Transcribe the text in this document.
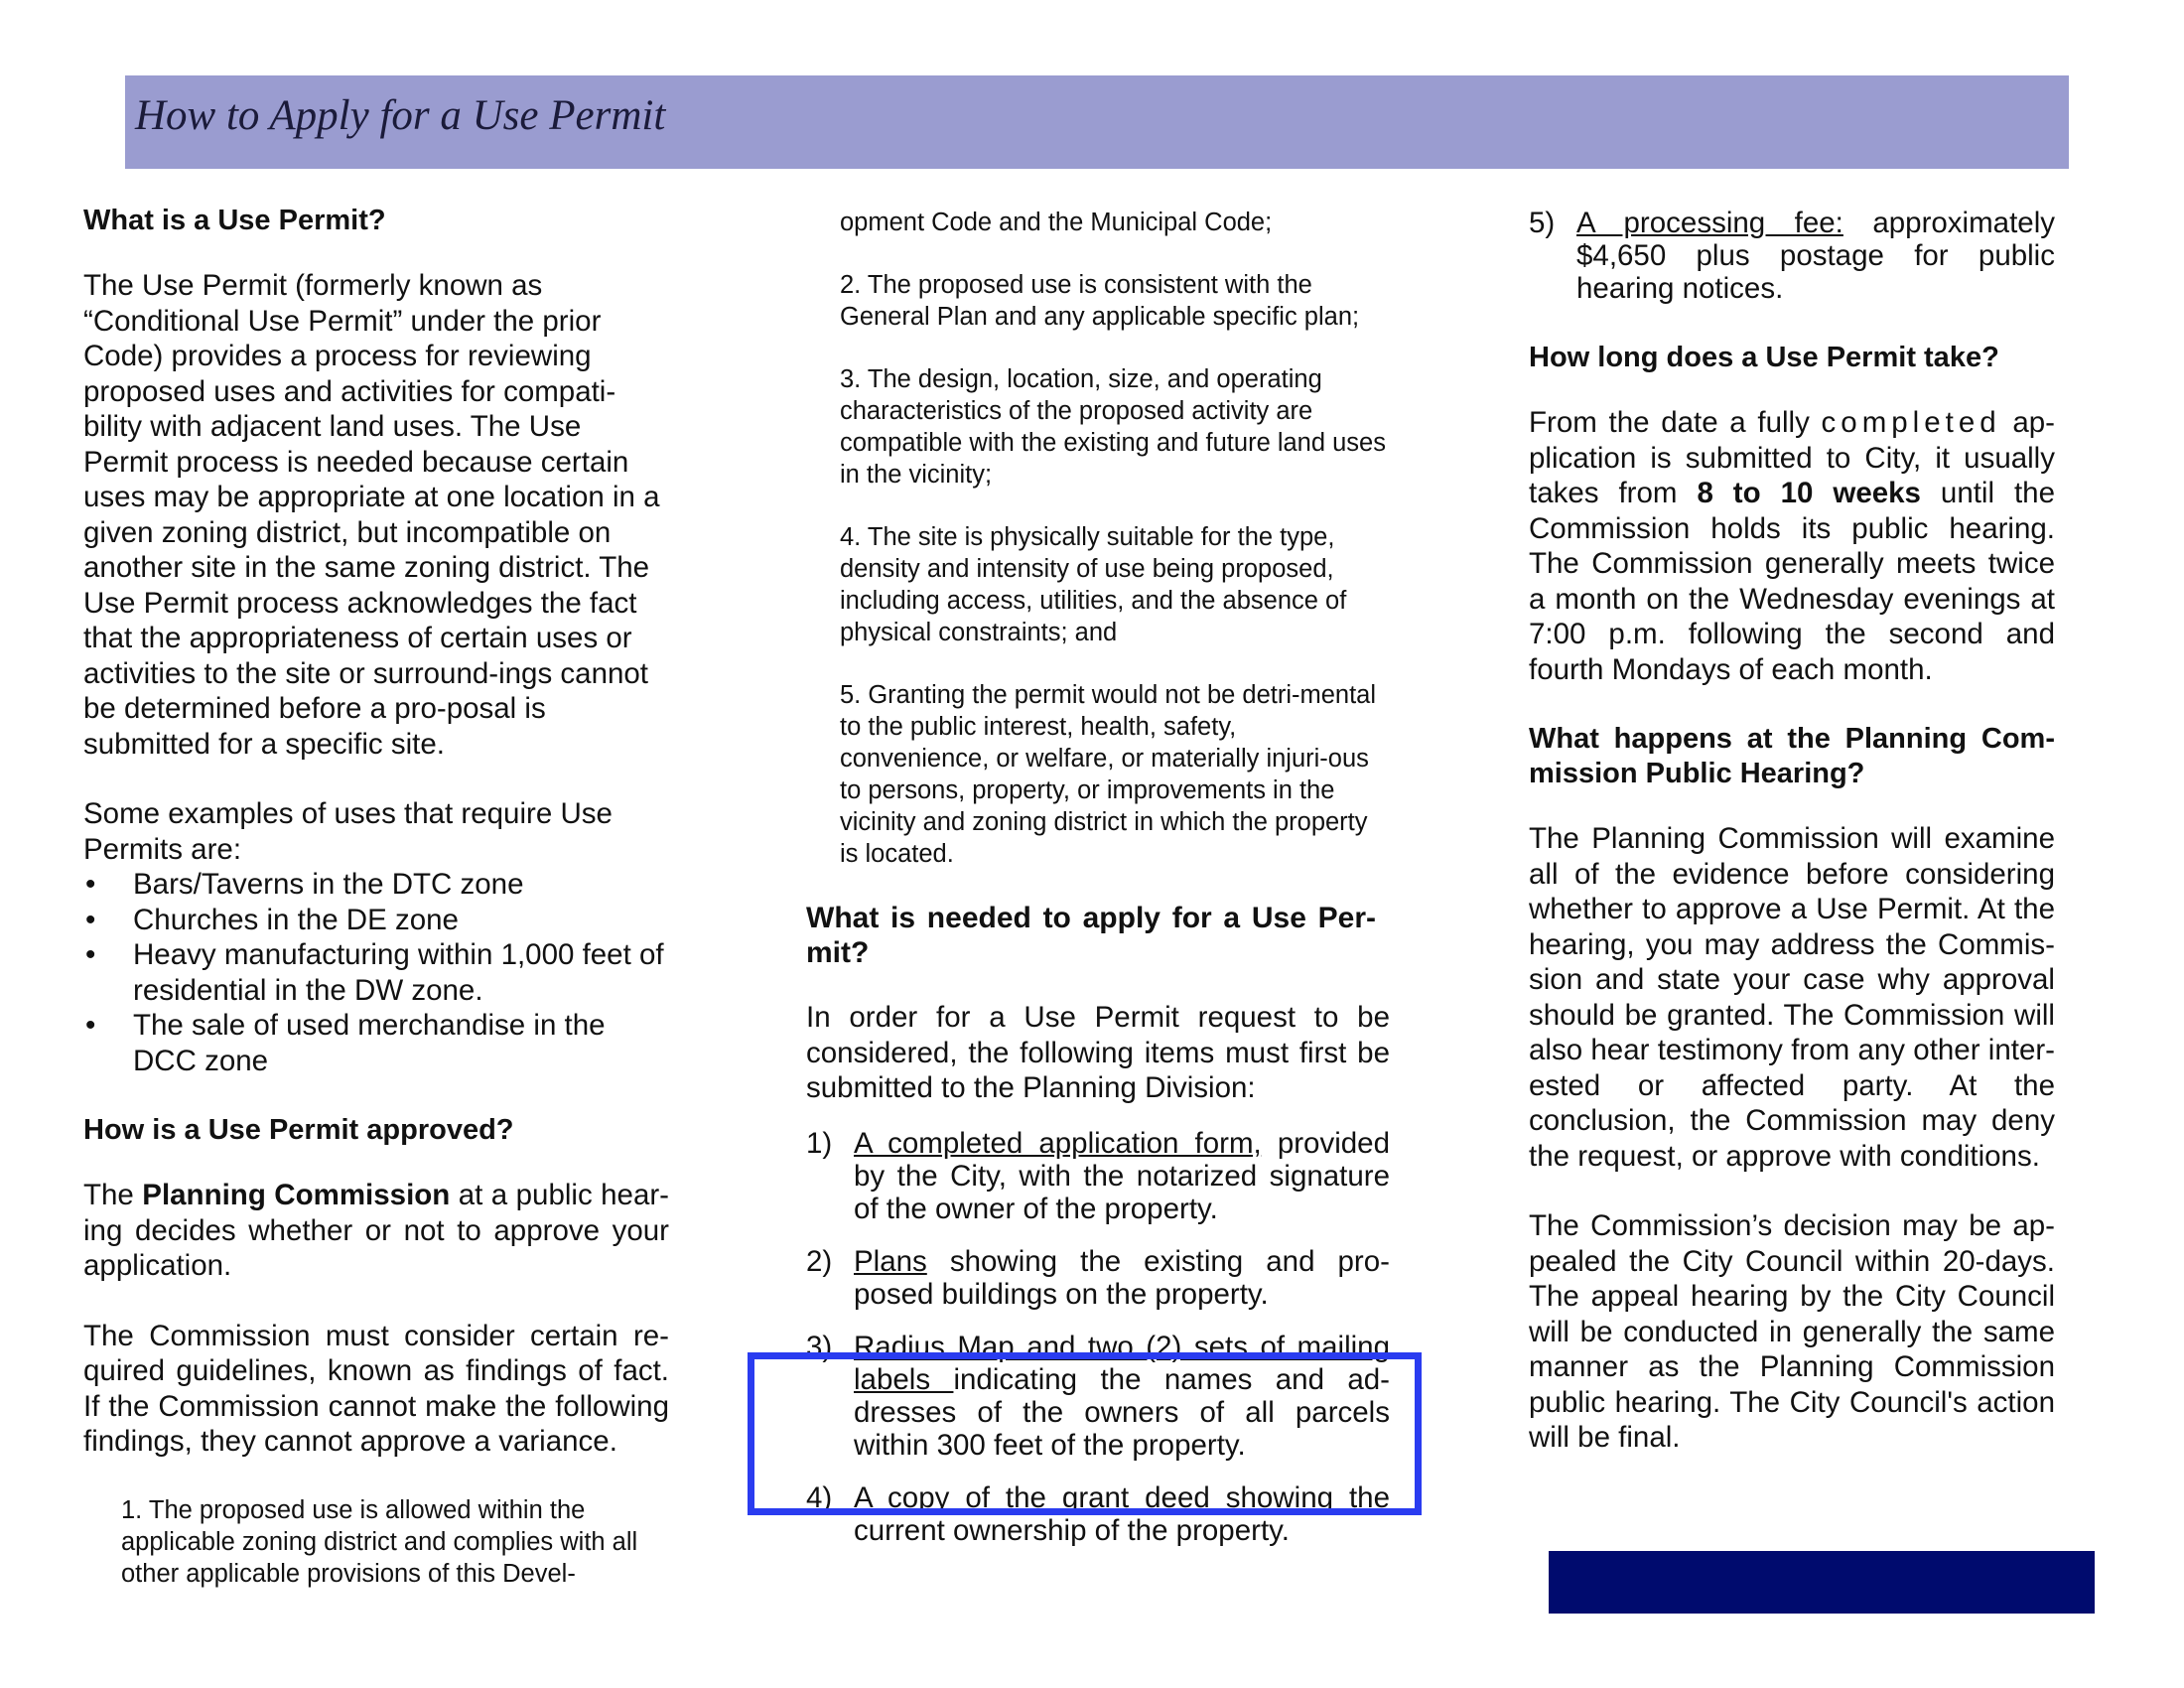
How to Apply for a Use Permit
What is a Use Permit?
The Use Permit (formerly known as “Conditional Use Permit” under the prior Code) provides a process for reviewing proposed uses and activities for compati-bility with adjacent land uses. The Use Permit process is needed because certain uses may be appropriate at one location in a given zoning district, but incompatible on another site in the same zoning district. The Use Permit process acknowledges the fact that the appropriateness of certain uses or activities to the site or surround-ings cannot be determined before a pro-posal is submitted for a specific site.
Some examples of uses that require Use Permits are:
• Bars/Taverns in the DTC zone
• Churches in the DE zone
• Heavy manufacturing within 1,000 feet of residential in the DW zone.
• The sale of used merchandise in the DCC zone
How is a Use Permit approved?
The Planning Commission at a public hear-ing decides whether or not to approve your application.
The Commission must consider certain re-quired guidelines, known as findings of fact. If the Commission cannot make the following findings, they cannot approve a variance.
1. The proposed use is allowed within the applicable zoning district and complies with all other applicable provisions of this Devel-
opment Code and the Municipal Code;
2. The proposed use is consistent with the General Plan and any applicable specific plan;
3. The design, location, size, and operating characteristics of the proposed activity are compatible with the existing and future land uses in the vicinity;
4. The site is physically suitable for the type, density and intensity of use being proposed, including access, utilities, and the absence of physical constraints; and
5. Granting the permit would not be detri-mental to the public interest, health, safety, convenience, or welfare, or materially injuri-ous to persons, property, or improvements in the vicinity and zoning district in which the property is located.
What is needed to apply for a Use Per-mit?
In order for a Use Permit request to be considered, the following items must first be submitted to the Planning Division:
1) A completed application form, provided by the City, with the notarized signature of the owner of the property.
2) Plans showing the existing and pro-posed buildings on the property.
3) Radius Map and two (2) sets of mailing labels indicating the names and ad-dresses of the owners of all parcels within 300 feet of the property.
4) A copy of the grant deed showing the current ownership of the property.
5) A processing fee: approximately $4,650 plus postage for public hearing notices.
How long does a Use Permit take?
From the date a fully completed ap-plication is submitted to City, it usually takes from 8 to 10 weeks until the Commission holds its public hearing. The Commission generally meets twice a month on the Wednesday evenings at 7:00 p.m. following the second and fourth Mondays of each month.
What happens at the Planning Com-mission Public Hearing?
The Planning Commission will examine all of the evidence before considering whether to approve a Use Permit. At the hearing, you may address the Commis-sion and state your case why approval should be granted. The Commission will also hear testimony from any other inter-ested or affected party. At the conclusion, the Commission may deny the request, or approve with conditions.
The Commission’s decision may be ap-pealed the City Council within 20-days. The appeal hearing by the City Council will be conducted in generally the same manner as the Planning Commission public hearing. The City Council's action will be final.
